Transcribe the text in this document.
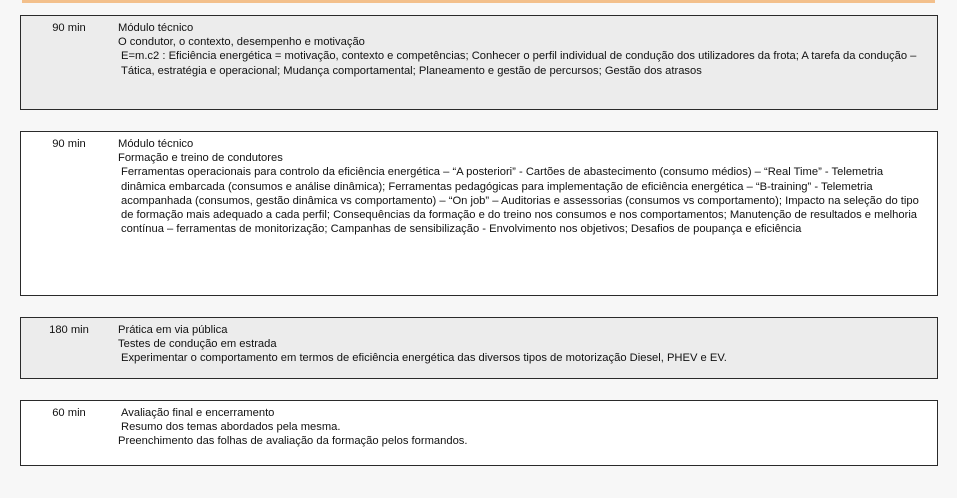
90 min	Módulo técnico
O condutor, o contexto, desempenho e motivação
E=m.c2 : Eficiência energética = motivação, contexto e competências; Conhecer o perfil individual de condução dos utilizadores da frota; A tarefa da condução – Tática, estratégia e operacional; Mudança comportamental; Planeamento e gestão de percursos; Gestão dos atrasos
90 min	Módulo técnico
Formação e treino de condutores
Ferramentas operacionais para controlo da eficiência energética – “A posteriori” - Cartões de abastecimento (consumo médios) – “Real Time” - Telemetria dinâmica embarcada (consumos e análise dinâmica); Ferramentas pedagógicas para implementação de eficiência energética – “B-training” - Telemetria acompanhada (consumos, gestão dinâmica vs comportamento) – “On job” – Auditorias e assessorias (consumos vs comportamento); Impacto na seleção do tipo de formação mais adequado a cada perfil; Consequências da formação e do treino nos consumos e nos comportamentos; Manutenção de resultados e melhoria contínua – ferramentas de monitorização; Campanhas de sensibilização - Envolvimento nos objetivos; Desafios de poupança e eficiência
180 min	Prática em via pública
Testes de condução em estrada
Experimentar o comportamento em termos de eficiência energética das diversos tipos de motorização Diesel, PHEV e EV.
60 min	Avaliação final e encerramento
Resumo dos temas abordados pela mesma.
Preenchimento das folhas de avaliação da formação pelos formandos.
